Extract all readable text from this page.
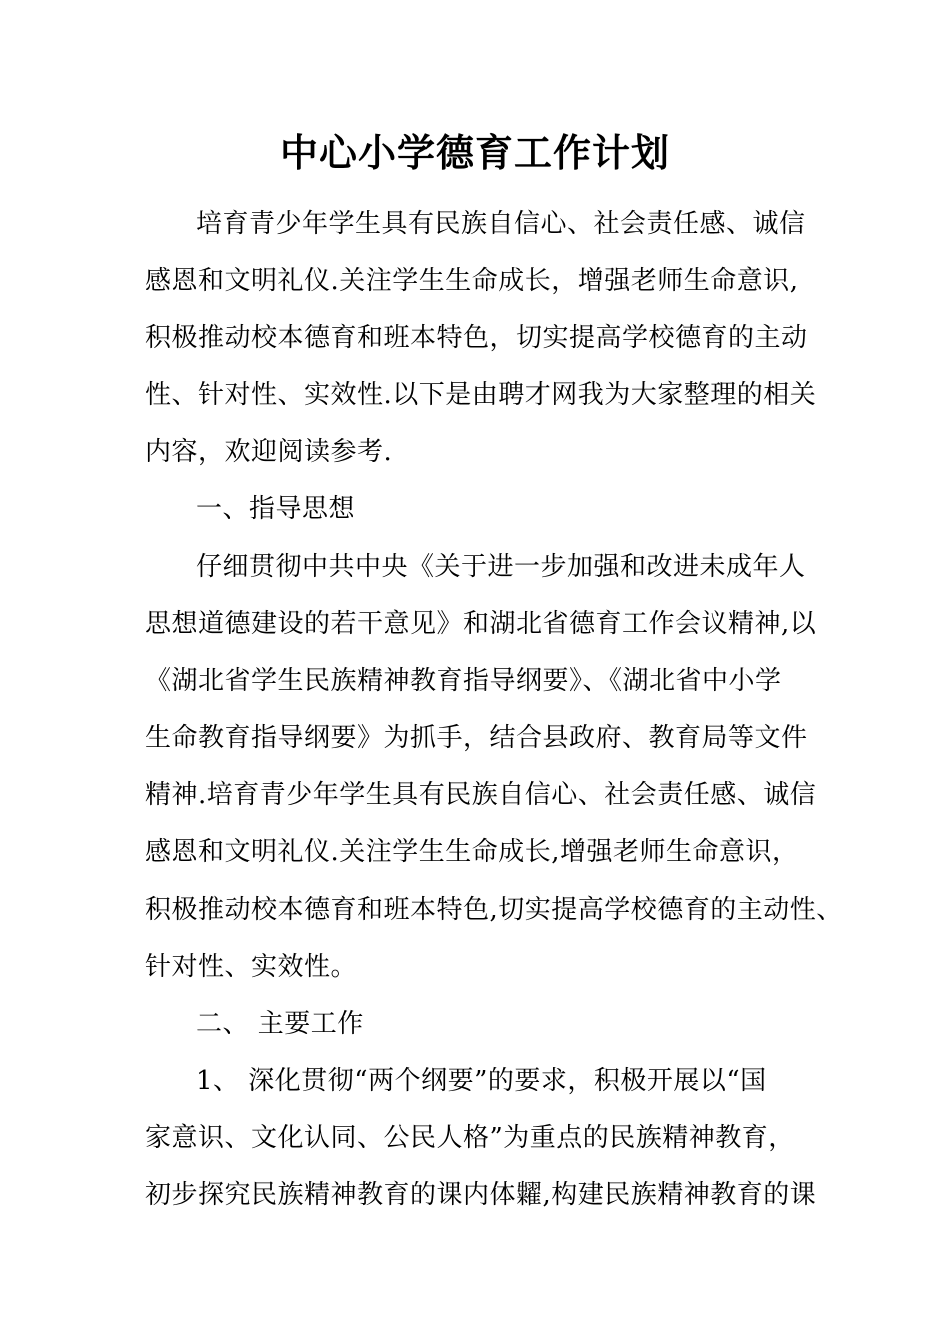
中心小学德育工作计划
培育青少年学生具有民族自信心、社会责任感、诚信
感恩和文明礼仪.关注学生生命成长，增强老师生命意识,
积极推动校本德育和班本特色，切实提高学校德育的主动
性、针对性、实效性.以下是由聘才网我为大家整理的相关
内容，欢迎阅读参考.
一、指导思想
仔细贯彻中共中央《关于进一步加强和改进未成年人
思想道德建设的若干意见》和湖北省德育工作会议精神,以
《湖北省学生民族精神教育指导纲要》、《湖北省中小学
生命教育指导纲要》为抓手，结合县政府、教育局等文件
精神.培育青少年学生具有民族自信心、社会责任感、诚信
感恩和文明礼仪.关注学生生命成长,增强老师生命意识，
积极推动校本德育和班本特色,切实提高学校德育的主动性、
针对性、实效性。
二、 主要工作
1、 深化贯彻“两个纲要”的要求，积极开展以“国
家意识、文化认同、公民人格”为重点的民族精神教育，
初步探究民族精神教育的课内体糶,构建民族精神教育的课
